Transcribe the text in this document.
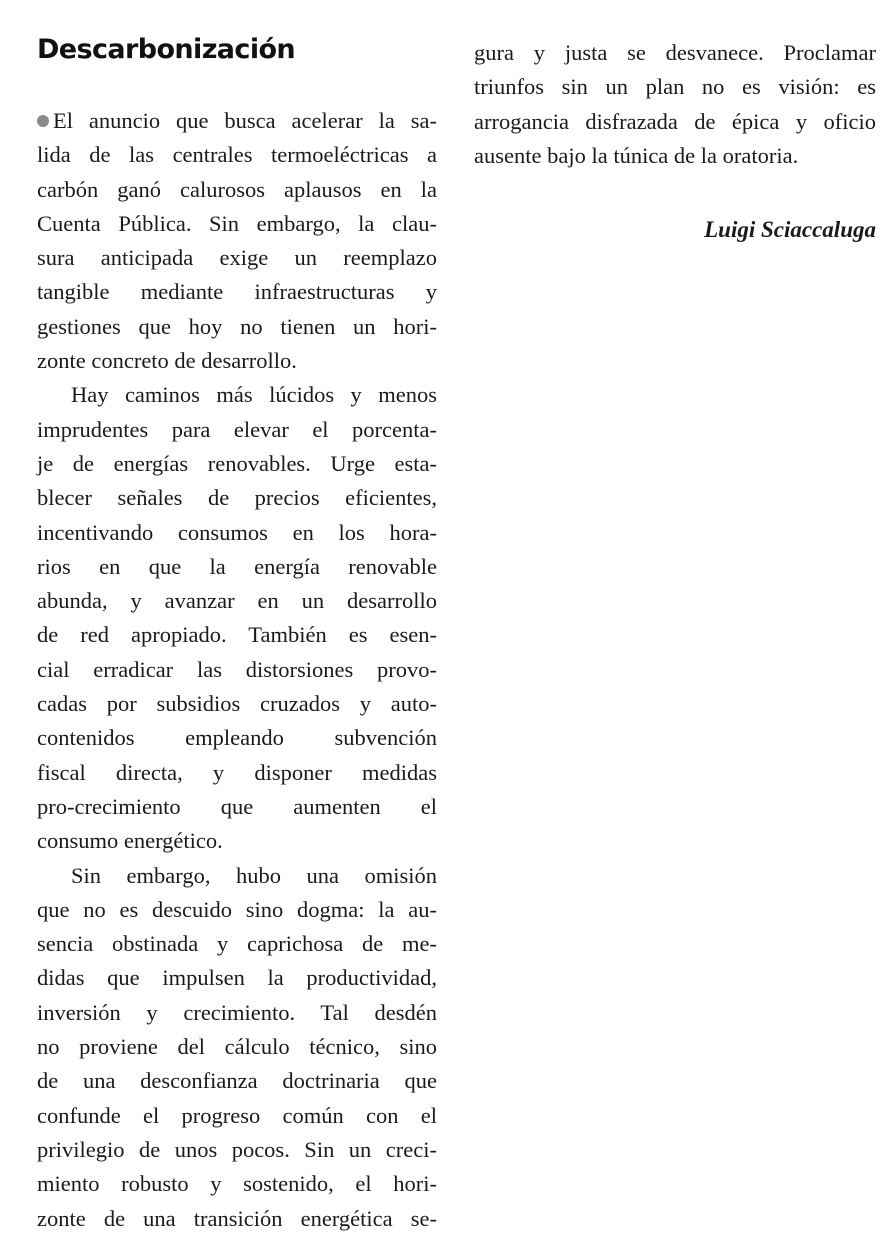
Descarbonización
El anuncio que busca acelerar la sa-
lida de las centrales termoeléctricas a
carbón ganó calurosos aplausos en la
Cuenta Pública. Sin embargo, la clau-
sura anticipada exige un reemplazo
tangible mediante infraestructuras y
gestiones que hoy no tienen un hori-
zonte concreto de desarrollo.
Hay caminos más lúcidos y menos
imprudentes para elevar el porcenta-
je de energías renovables. Urge esta-
blecer señales de precios eficientes,
incentivando consumos en los hora-
rios en que la energía renovable
abunda, y avanzar en un desarrollo
de red apropiado. También es esen-
cial erradicar las distorsiones provo-
cadas por subsidios cruzados y auto-
contenidos empleando subvención
fiscal directa, y disponer medidas
pro-crecimiento que aumenten el
consumo energético.
Sin embargo, hubo una omisión
que no es descuido sino dogma: la au-
sencia obstinada y caprichosa de me-
didas que impulsen la productividad,
inversión y crecimiento. Tal desdén
no proviene del cálculo técnico, sino
de una desconfianza doctrinaria que
confunde el progreso común con el
privilegio de unos pocos. Sin un creci-
miento robusto y sostenido, el hori-
zonte de una transición energética se-
gura y justa se desvanece. Proclamar
triunfos sin un plan no es visión: es
arrogancia disfrazada de épica y oficio
ausente bajo la túnica de la oratoria.
Luigi Sciaccaluga
